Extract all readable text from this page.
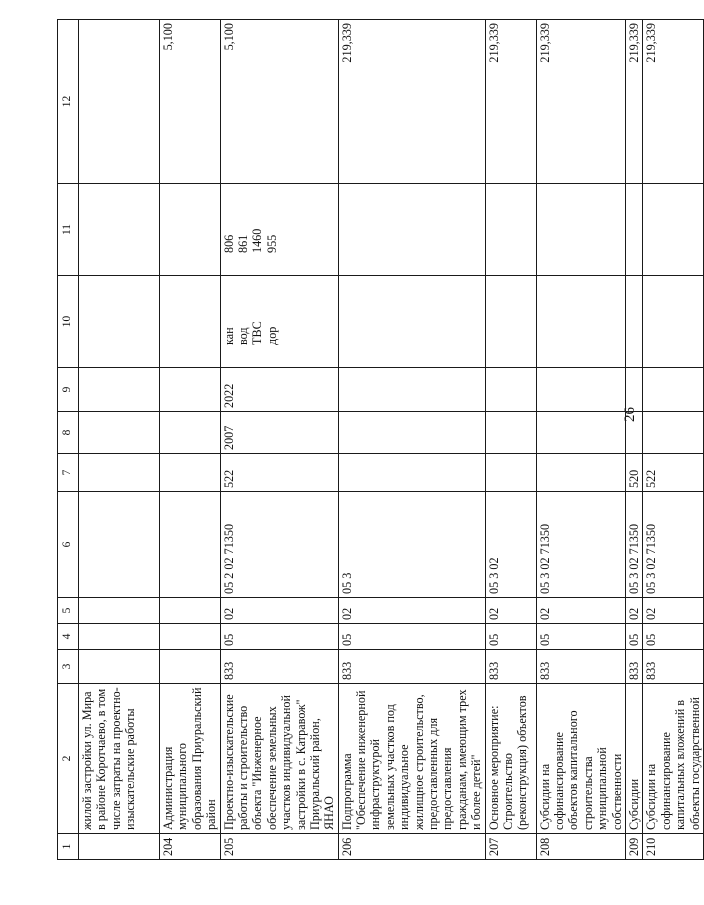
26
1	2	3	4	5	6	7	8	9	10	11	12
	жилой застройки ул. Мира в районе Коротчаево, в том числе затраты на проектно-изыскательские работы										
204	Администрация муниципального образования Приуральский район										5,100
205	Проектно-изыскательские работы и строительство объекта "Инженерное обеспечение земельных участков индивидуальной застройки в с. Катравож" Приуральский район, ЯНАО	833	05	02	05 2 02 71350	522	2007	2022	кан вод ТВС дор	806 861 1460 955	5,100
206	Подпрограмма "Обеспечение инженерной инфраструктурой земельных участков под индивидуальное жилищное строительство, предоставленных для предоставления гражданам, имеющим трех и более детей"	833	05	02	05 3						219,339
207	Основное мероприятие: Строительство (реконструкция) объектов	833	05	02	05 3 02						219,339
208	Субсидии на софинансирование объектов капитального строительства муниципальной собственности	833	05	02	05 3 02 71350						219,339
209	Субсидии	833	05	02	05 3 02 71350	520					219,339
210	Субсидии на софинансирование капитальных вложений в объекты государственной	833	05	02	05 3 02 71350	522					219,339
